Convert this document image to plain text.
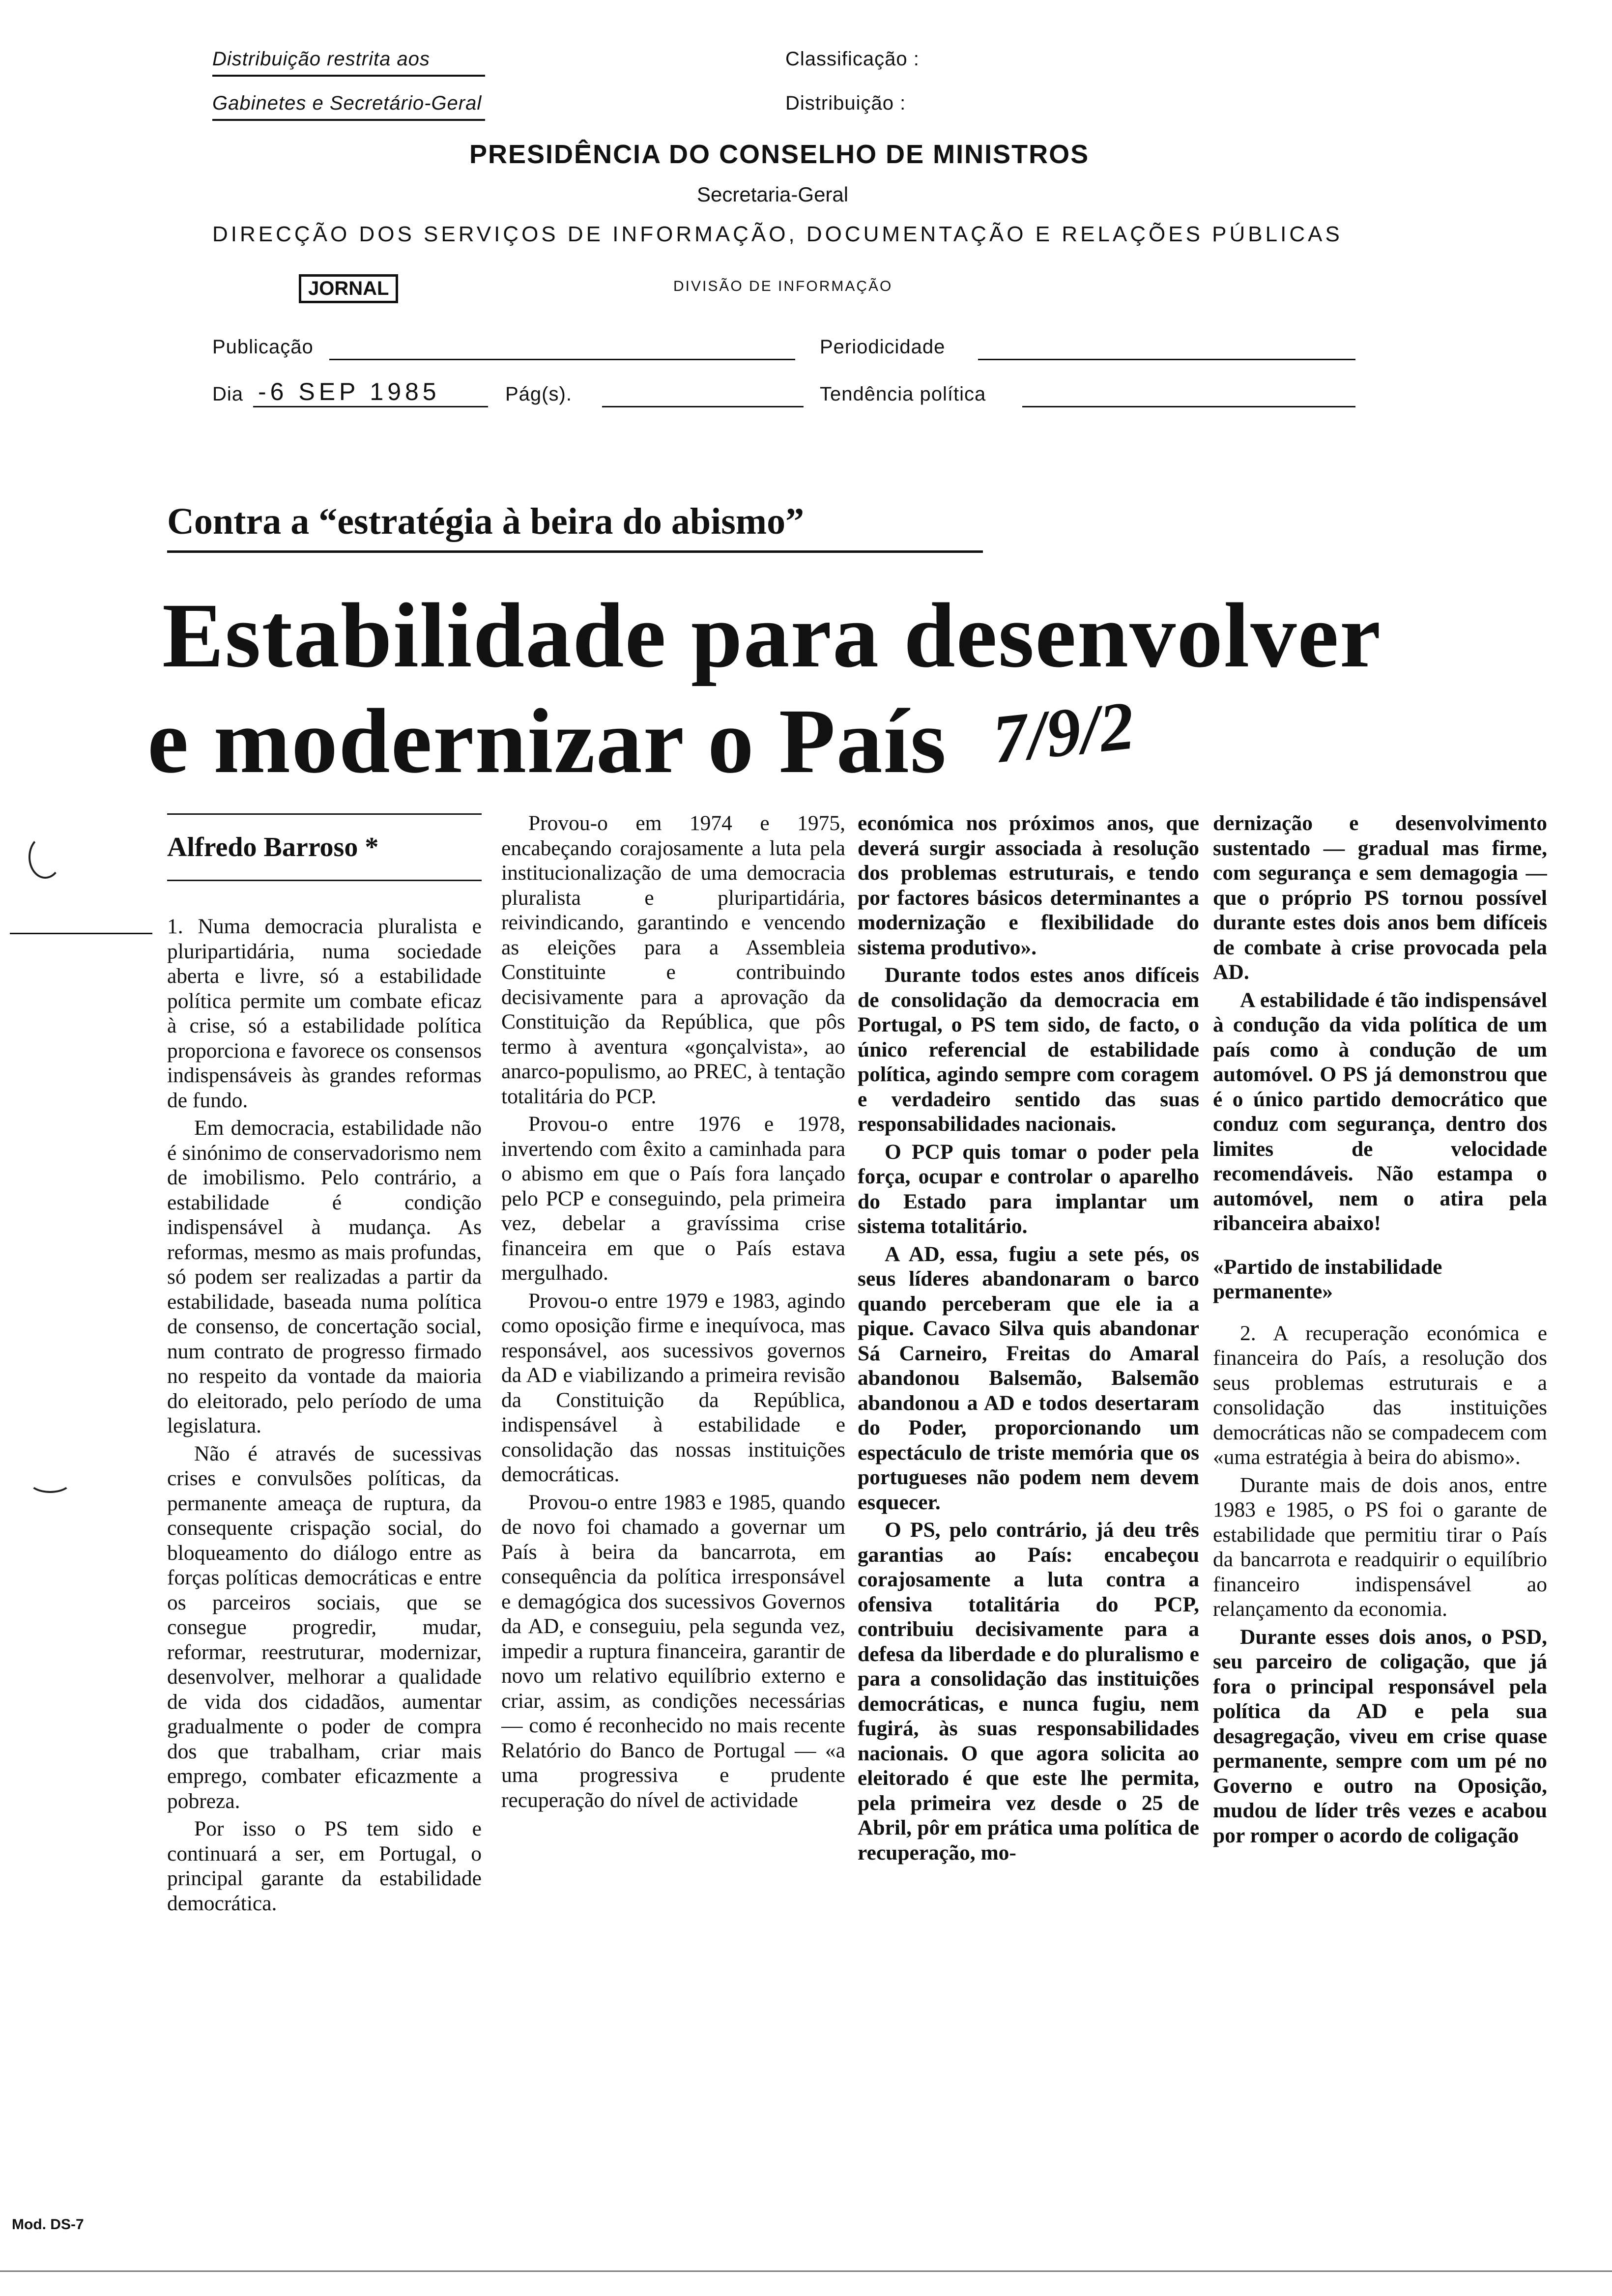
Distribuição restrita aos
Gabinetes e Secretário-Geral
Classificação :
Distribuição :
PRESIDÊNCIA DO CONSELHO DE MINISTROS
Secretaria-Geral
DIRECÇÃO DOS SERVIÇOS DE INFORMAÇÃO, DOCUMENTAÇÃO E RELAÇÕES PÚBLICAS
JORNAL	DIVISÃO DE INFORMAÇÃO
Publicação	Periodicidade
Dia -6 SEP 1985	Pág(s).	Tendência política
Contra a “estratégia à beira do abismo”
Estabilidade para desenvolver
e modernizar o País 7/9/2
Alfredo Barroso *

1. Numa democracia pluralista e pluripartidária, numa sociedade aberta e livre, só a estabilidade política permite um combate eficaz à crise, só a estabilidade política proporciona e favorece os consensos indispensáveis às grandes reformas de fundo.

Em democracia, estabilidade não é sinónimo de conservadorismo nem de imobilismo. Pelo contrário, a estabilidade é condição indispensável à mudança. As reformas, mesmo as mais profundas, só podem ser realizadas a partir da estabilidade, baseada numa política de consenso, de concertação social, num contrato de progresso firmado no respeito da vontade da maioria do eleitorado, pelo período de uma legislatura.

Não é através de sucessivas crises e convulsões políticas, da permanente ameaça de ruptura, da consequente crispação social, do bloqueamento do diálogo entre as forças políticas democráticas e entre os parceiros sociais, que se consegue progredir, mudar, reformar, reestruturar, modernizar, desenvolver, melhorar a qualidade de vida dos cidadãos, aumentar gradualmente o poder de compra dos que trabalham, criar mais emprego, combater eficazmente a pobreza.

Por isso o PS tem sido e continuará a ser, em Portugal, o principal garante da estabilidade democrática.

Provou-o em 1974 e 1975, encabeçando corajosamente a luta pela institucionalização de uma democracia pluralista e pluripartidária, reivindicando, garantindo e vencendo as eleições para a Assembleia Constituinte e contribuindo decisivamente para a aprovação da Constituição da República, que pôs termo à aventura «gonçalvista», ao anarco-populismo, ao PREC, à tentação totalitária do PCP.

Provou-o entre 1976 e 1978, invertendo com êxito a caminhada para o abismo em que o País fora lançado pelo PCP e conseguindo, pela primeira vez, debelar a gravíssima crise financeira em que o País estava mergulhado.

Provou-o entre 1979 e 1983, agindo como oposição firme e inequívoca, mas responsável, aos sucessivos governos da AD e viabilizando a primeira revisão da Constituição da República, indispensável à estabilidade e consolidação das nossas instituições democráticas.

Provou-o entre 1983 e 1985, quando de novo foi chamado a governar um País à beira da bancarrota, em consequência da política irresponsável e demagógica dos sucessivos Governos da AD, e conseguiu, pela segunda vez, impedir a ruptura financeira, garantir de novo um relativo equilíbrio externo e criar, assim, as condições necessárias — como é reconhecido no mais recente Relatório do Banco de Portugal — «a uma progressiva e prudente recuperação do nível de actividade

económica nos próximos anos, que deverá surgir associada à resolução dos problemas estruturais, e tendo por factores básicos determinantes a modernização e flexibilidade do sistema produtivo».

Durante todos estes anos difíceis de consolidação da democracia em Portugal, o PS tem sido, de facto, o único referencial de estabilidade política, agindo sempre com coragem e verdadeiro sentido das suas responsabilidades nacionais.

O PCP quis tomar o poder pela força, ocupar e controlar o aparelho do Estado para implantar um sistema totalitário.

A AD, essa, fugiu a sete pés, os seus líderes abandonaram o barco quando perceberam que ele ia a pique. Cavaco Silva quis abandonar Sá Carneiro, Freitas do Amaral abandonou Balsemão, Balsemão abandonou a AD e todos desertaram do Poder, proporcionando um espectáculo de triste memória que os portugueses não podem nem devem esquecer.

O PS, pelo contrário, já deu três garantias ao País: encabeçou corajosamente a luta contra a ofensiva totalitária do PCP, contribuiu decisivamente para a defesa da liberdade e do pluralismo e para a consolidação das instituições democráticas, e nunca fugiu, nem fugirá, às suas responsabilidades nacionais. O que agora solicita ao eleitorado é que este lhe permita, pela primeira vez desde o 25 de Abril, pôr em prática uma política de recuperação, mo-

dernização e desenvolvimento sustentado — gradual mas firme, com segurança e sem demagogia — que o próprio PS tornou possível durante estes dois anos bem difíceis de combate à crise provocada pela AD.

A estabilidade é tão indispensável à condução da vida política de um país como à condução de um automóvel. O PS já demonstrou que é o único partido democrático que conduz com segurança, dentro dos limites de velocidade recomendáveis. Não estampa o automóvel, nem o atira pela ribanceira abaixo!

«Partido de instabilidade permanente»

2. A recuperação económica e financeira do País, a resolução dos seus problemas estruturais e a consolidação das instituições democráticas não se compadecem com «uma estratégia à beira do abismo».

Durante mais de dois anos, entre 1983 e 1985, o PS foi o garante de estabilidade que permitiu tirar o País da bancarrota e readquirir o equilíbrio financeiro indispensável ao relançamento da economia.

Durante esses dois anos, o PSD, seu parceiro de coligação, que já fora o principal responsável pela política da AD e pela sua desagregação, viveu em crise quase permanente, sempre com um pé no Governo e outro na Oposição, mudou de líder três vezes e acabou por romper o acordo de coligação

Mod. DS-7
